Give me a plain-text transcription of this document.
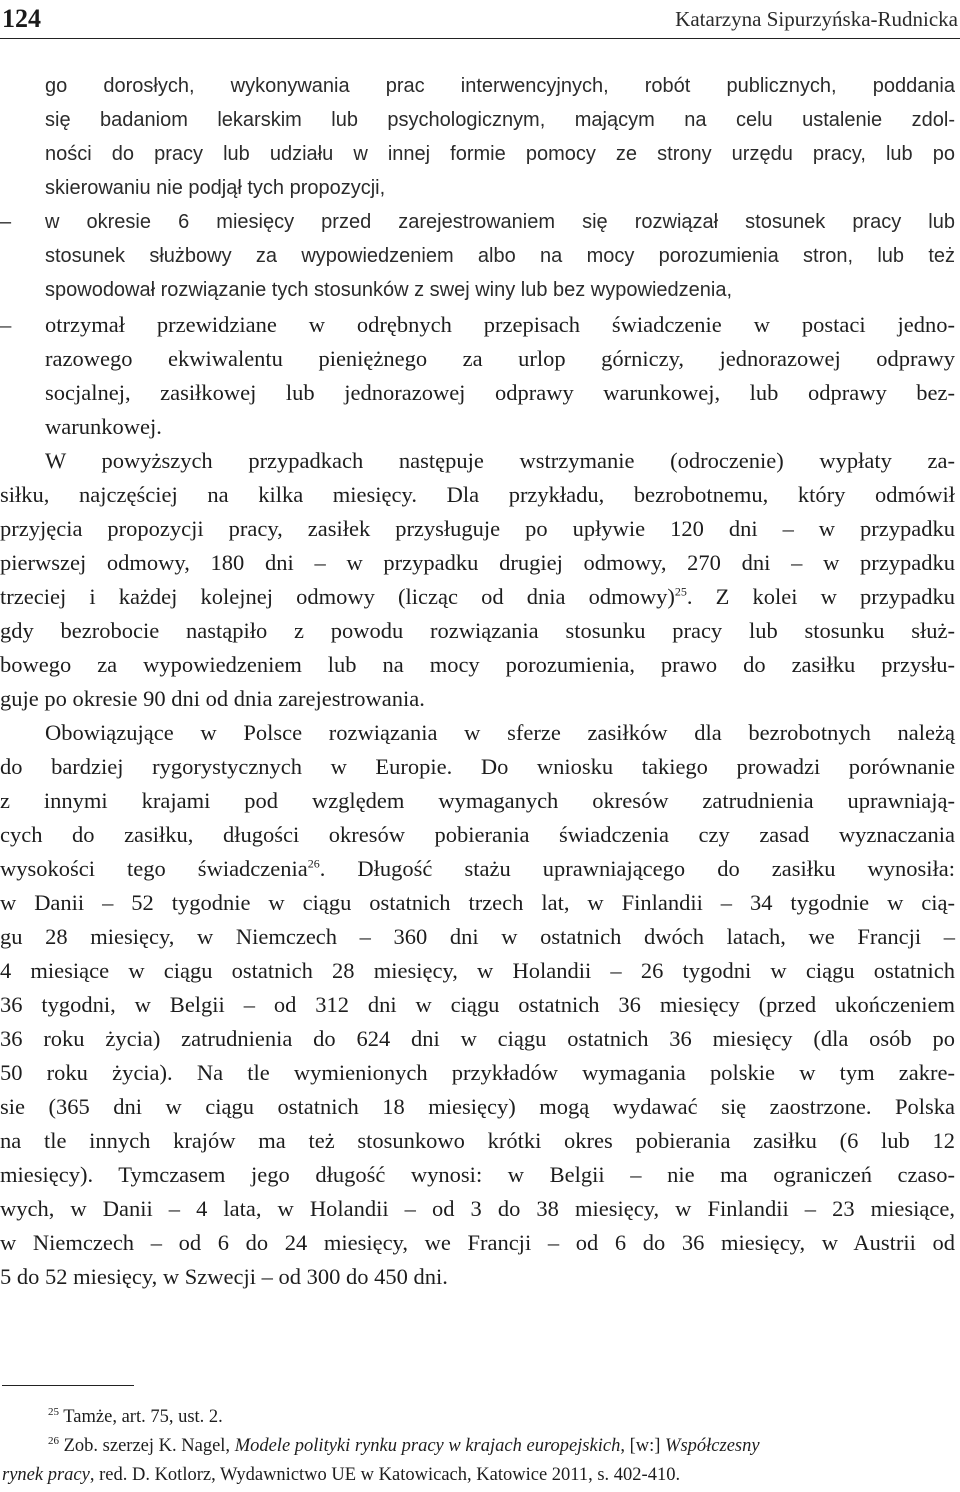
124	Katarzyna Sipurzyńska-Rudnicka
go dorosłych, wykonywania prac interwencyjnych, robót publicznych, poddania
się badaniom lekarskim lub psychologicznym, mającym na celu ustalenie zdol-
ności do pracy lub udziału w innej formie pomocy ze strony urzędu pracy, lub po
skierowaniu nie podjął tych propozycji,
– w okresie 6 miesięcy przed zarejestrowaniem się rozwiązał stosunek pracy lub
stosunek służbowy za wypowiedzeniem albo na mocy porozumienia stron, lub też
spowodował rozwiązanie tych stosunków z swej winy lub bez wypowiedzenia,
– otrzymał przewidziane w odrębnych przepisach świadczenie w postaci jedno-
razowego ekwiwalentu pieniężnego za urlop górniczy, jednorazowej odprawy
socjalnej, zasiłkowej lub jednorazowej odprawy warunkowej, lub odprawy bez-
warunkowej.
W powyższych przypadkach następuje wstrzymanie (odroczenie) wypłaty za-
siłku, najczęściej na kilka miesięcy. Dla przykładu, bezrobotnemu, który odmówił
przyjęcia propozycji pracy, zasiłek przysługuje po upływie 120 dni – w przypadku
pierwszej odmowy, 180 dni – w przypadku drugiej odmowy, 270 dni – w przypadku
trzeciej i każdej kolejnej odmowy (licząc od dnia odmowy)$^{25}$. Z kolei w przypadku
gdy bezrobocie nastąpiło z powodu rozwiązania stosunku pracy lub stosunku służ-
bowego za wypowiedzeniem lub na mocy porozumienia, prawo do zasiłku przysłu-
guje po okresie 90 dni od dnia zarejestrowania.
Obowiązujące w Polsce rozwiązania w sferze zasiłków dla bezrobotnych należą
do bardziej rygorystycznych w Europie. Do wniosku takiego prowadzi porównanie
z innymi krajami pod względem wymaganych okresów zatrudnienia uprawniają-
cych do zasiłku, długości okresów pobierania świadczenia czy zasad wyznaczania
wysokości tego świadczenia$^{26}$. Długość stażu uprawniającego do zasiłku wynosiła:
w Danii – 52 tygodnie w ciągu ostatnich trzech lat, w Finlandii – 34 tygodnie w cią-
gu 28 miesięcy, w Niemczech – 360 dni w ostatnich dwóch latach, we Francji –
4 miesiące w ciągu ostatnich 28 miesięcy, w Holandii – 26 tygodni w ciągu ostatnich
36 tygodni, w Belgii – od 312 dni w ciągu ostatnich 36 miesięcy (przed ukończeniem
36 roku życia) zatrudnienia do 624 dni w ciągu ostatnich 36 miesięcy (dla osób po
50 roku życia). Na tle wymienionych przykładów wymagania polskie w tym zakre-
sie (365 dni w ciągu ostatnich 18 miesięcy) mogą wydawać się zaostrzone. Polska
na tle innych krajów ma też stosunkowo krótki okres pobierania zasiłku (6 lub 12
miesięcy). Tymczasem jego długość wynosi: w Belgii – nie ma ograniczeń czaso-
wych, w Danii – 4 lata, w Holandii – od 3 do 38 miesięcy, w Finlandii – 23 miesiące,
w Niemczech – od 6 do 24 miesięcy, we Francji – od 6 do 36 miesięcy, w Austrii od
5 do 52 miesięcy, w Szwecji – od 300 do 450 dni.
$^{25}$ Tamże, art. 75, ust. 2.
$^{26}$ Zob. szerzej K. Nagel, Modele polityki rynku pracy w krajach europejskich, [w:] Współczesny
rynek pracy, red. D. Kotlorz, Wydawnictwo UE w Katowicach, Katowice 2011, s. 402-410.
